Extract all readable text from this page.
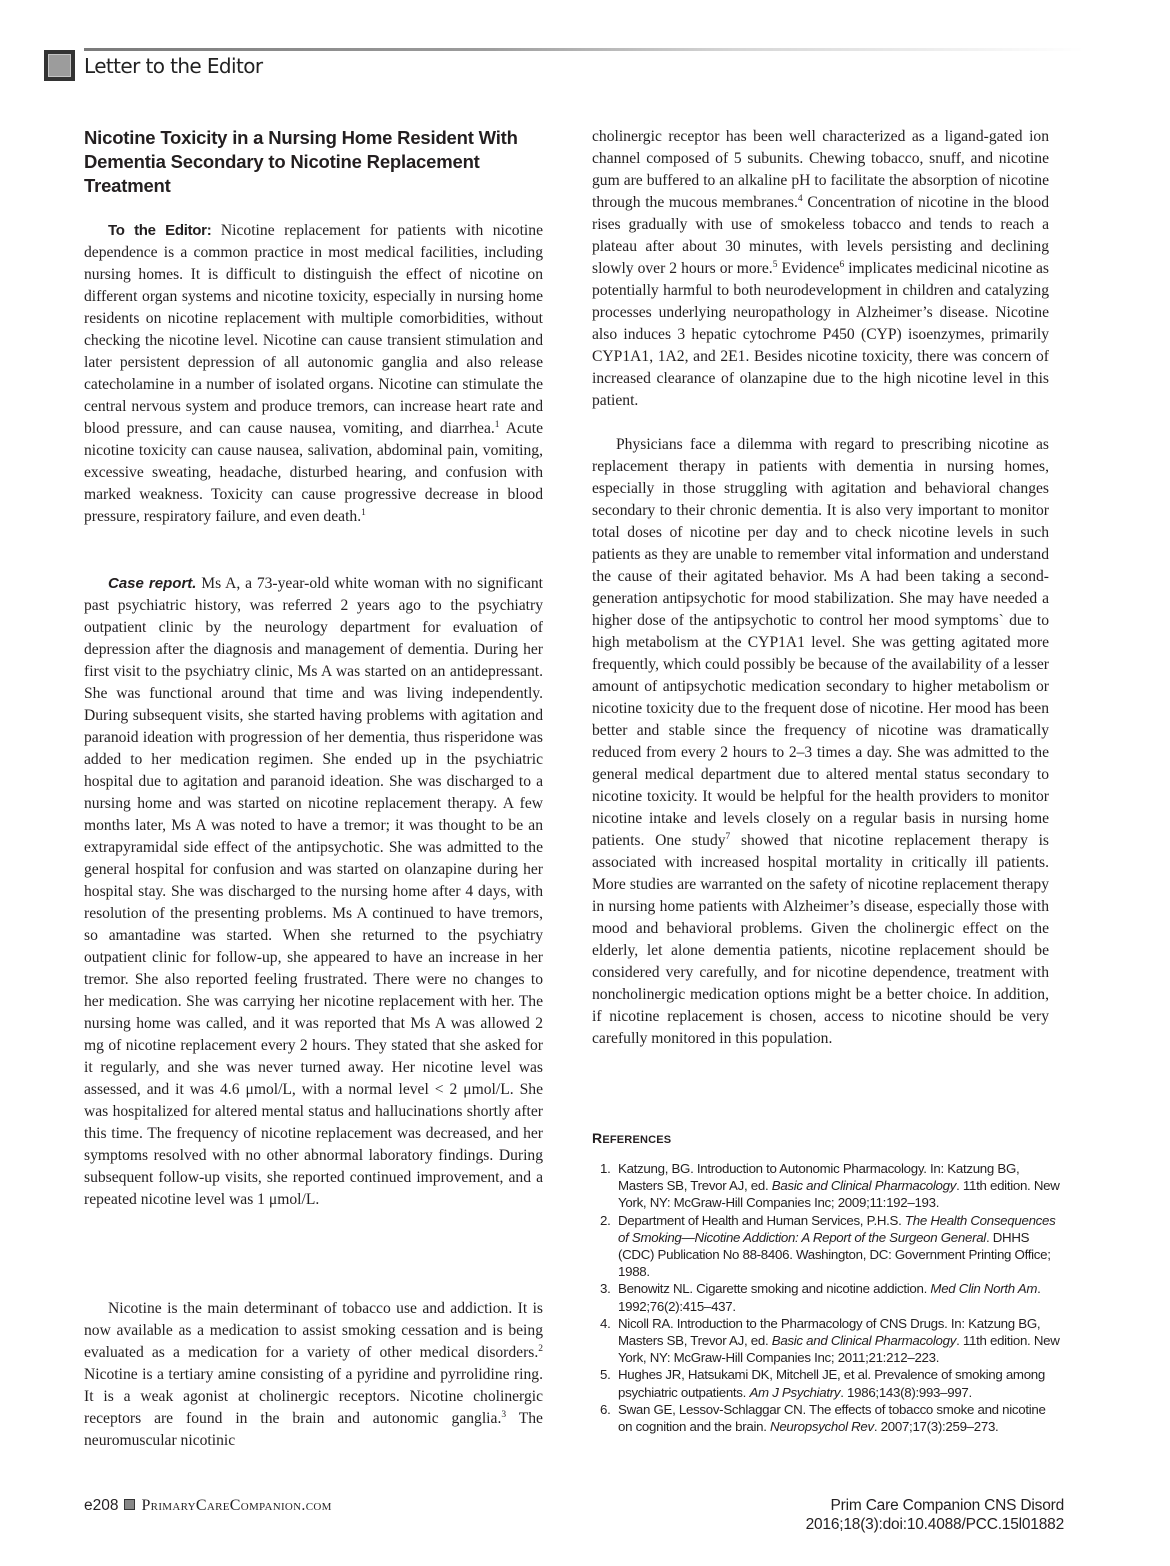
Letter to the Editor
Nicotine Toxicity in a Nursing Home Resident With Dementia Secondary to Nicotine Replacement Treatment

To the Editor: Nicotine replacement for patients with nicotine dependence is a common practice in most medical facilities, including nursing homes. It is difficult to distinguish the effect of nicotine on different organ systems and nicotine toxicity, especially in nursing home residents on nicotine replacement with multiple comorbidities, without checking the nicotine level. Nicotine can cause transient stimulation and later persistent depression of all autonomic ganglia and also release catecholamine in a number of isolated organs. Nicotine can stimulate the central nervous system and produce tremors, can increase heart rate and blood pressure, and can cause nausea, vomiting, and diarrhea.$^1$ Acute nicotine toxicity can cause nausea, salivation, abdominal pain, vomiting, excessive sweating, headache, disturbed hearing, and confusion with marked weakness. Toxicity can cause progressive decrease in blood pressure, respiratory failure, and even death.$^1$

Case report. Ms A, a 73-year-old white woman with no significant past psychiatric history, was referred 2 years ago to the psychiatry outpatient clinic by the neurology department for evaluation of depression after the diagnosis and management of dementia. During her first visit to the psychiatry clinic, Ms A was started on an antidepressant. She was functional around that time and was living independently. During subsequent visits, she started having problems with agitation and paranoid ideation with progression of her dementia, thus risperidone was added to her medication regimen. She ended up in the psychiatric hospital due to agitation and paranoid ideation. She was discharged to a nursing home and was started on nicotine replacement therapy. A few months later, Ms A was noted to have a tremor; it was thought to be an extrapyramidal side effect of the antipsychotic. She was admitted to the general hospital for confusion and was started on olanzapine during her hospital stay. She was discharged to the nursing home after 4 days, with resolution of the presenting problems. Ms A continued to have tremors, so amantadine was started. When she returned to the psychiatry outpatient clinic for follow-up, she appeared to have an increase in her tremor. She also reported feeling frustrated. There were no changes to her medication. She was carrying her nicotine replacement with her. The nursing home was called, and it was reported that Ms A was allowed 2 mg of nicotine replacement every 2 hours. They stated that she asked for it regularly, and she was never turned away. Her nicotine level was assessed, and it was 4.6 μmol/L, with a normal level < 2 μmol/L. She was hospitalized for altered mental status and hallucinations shortly after this time. The frequency of nicotine replacement was decreased, and her symptoms resolved with no other abnormal laboratory findings. During subsequent follow-up visits, she reported continued improvement, and a repeated nicotine level was 1 μmol/L.

Nicotine is the main determinant of tobacco use and addiction. It is now available as a medication to assist smoking cessation and is being evaluated as a medication for a variety of other medical disorders.$^2$ Nicotine is a tertiary amine consisting of a pyridine and pyrrolidine ring. It is a weak agonist at cholinergic receptors. Nicotine cholinergic receptors are found in the brain and autonomic ganglia.$^3$ The neuromuscular nicotinic

cholinergic receptor has been well characterized as a ligand-gated ion channel composed of 5 subunits. Chewing tobacco, snuff, and nicotine gum are buffered to an alkaline pH to facilitate the absorption of nicotine through the mucous membranes.$^4$ Concentration of nicotine in the blood rises gradually with use of smokeless tobacco and tends to reach a plateau after about 30 minutes, with levels persisting and declining slowly over 2 hours or more.$^5$ Evidence$^6$ implicates medicinal nicotine as potentially harmful to both neurodevelopment in children and catalyzing processes underlying neuropathology in Alzheimer’s disease. Nicotine also induces 3 hepatic cytochrome P450 (CYP) isoenzymes, primarily CYP1A1, 1A2, and 2E1. Besides nicotine toxicity, there was concern of increased clearance of olanzapine due to the high nicotine level in this patient.

Physicians face a dilemma with regard to prescribing nicotine as replacement therapy in patients with dementia in nursing homes, especially in those struggling with agitation and behavioral changes secondary to their chronic dementia. It is also very important to monitor total doses of nicotine per day and to check nicotine levels in such patients as they are unable to remember vital information and understand the cause of their agitated behavior. Ms A had been taking a second-generation antipsychotic for mood stabilization. She may have needed a higher dose of the antipsychotic to control her mood symptoms` due to high metabolism at the CYP1A1 level. She was getting agitated more frequently, which could possibly be because of the availability of a lesser amount of antipsychotic medication secondary to higher metabolism or nicotine toxicity due to the frequent dose of nicotine. Her mood has been better and stable since the frequency of nicotine was dramatically reduced from every 2 hours to 2–3 times a day. She was admitted to the general medical department due to altered mental status secondary to nicotine toxicity. It would be helpful for the health providers to monitor nicotine intake and levels closely on a regular basis in nursing home patients. One study$^7$ showed that nicotine replacement therapy is associated with increased hospital mortality in critically ill patients. More studies are warranted on the safety of nicotine replacement therapy in nursing home patients with Alzheimer’s disease, especially those with mood and behavioral problems. Given the cholinergic effect on the elderly, let alone dementia patients, nicotine replacement should be considered very carefully, and for nicotine dependence, treatment with noncholinergic medication options might be a better choice. In addition, if nicotine replacement is chosen, access to nicotine should be very carefully monitored in this population.

REFERENCES
1. Katzung, BG. Introduction to Autonomic Pharmacology. In: Katzung BG, Masters SB, Trevor AJ, ed. Basic and Clinical Pharmacology. 11th edition. New York, NY: McGraw-Hill Companies Inc; 2009;11:192–193.
2. Department of Health and Human Services, P.H.S. The Health Consequences of Smoking—Nicotine Addiction: A Report of the Surgeon General. DHHS (CDC) Publication No 88-8406. Washington, DC: Government Printing Office; 1988.
3. Benowitz NL. Cigarette smoking and nicotine addiction. Med Clin North Am. 1992;76(2):415–437.
4. Nicoll RA. Introduction to the Pharmacology of CNS Drugs. In: Katzung BG, Masters SB, Trevor AJ, ed. Basic and Clinical Pharmacology. 11th edition. New York, NY: McGraw-Hill Companies Inc; 2011;21:212–223.
5. Hughes JR, Hatsukami DK, Mitchell JE, et al. Prevalence of smoking among psychiatric outpatients. Am J Psychiatry. 1986;143(8):993–997.
6. Swan GE, Lessov-Schlaggar CN. The effects of tobacco smoke and nicotine on cognition and the brain. Neuropsychol Rev. 2007;17(3):259–273.
e208 PrimaryCareCompanion.com	Prim Care Companion CNS Disord
2016;18(3):doi:10.4088/PCC.15l01882
